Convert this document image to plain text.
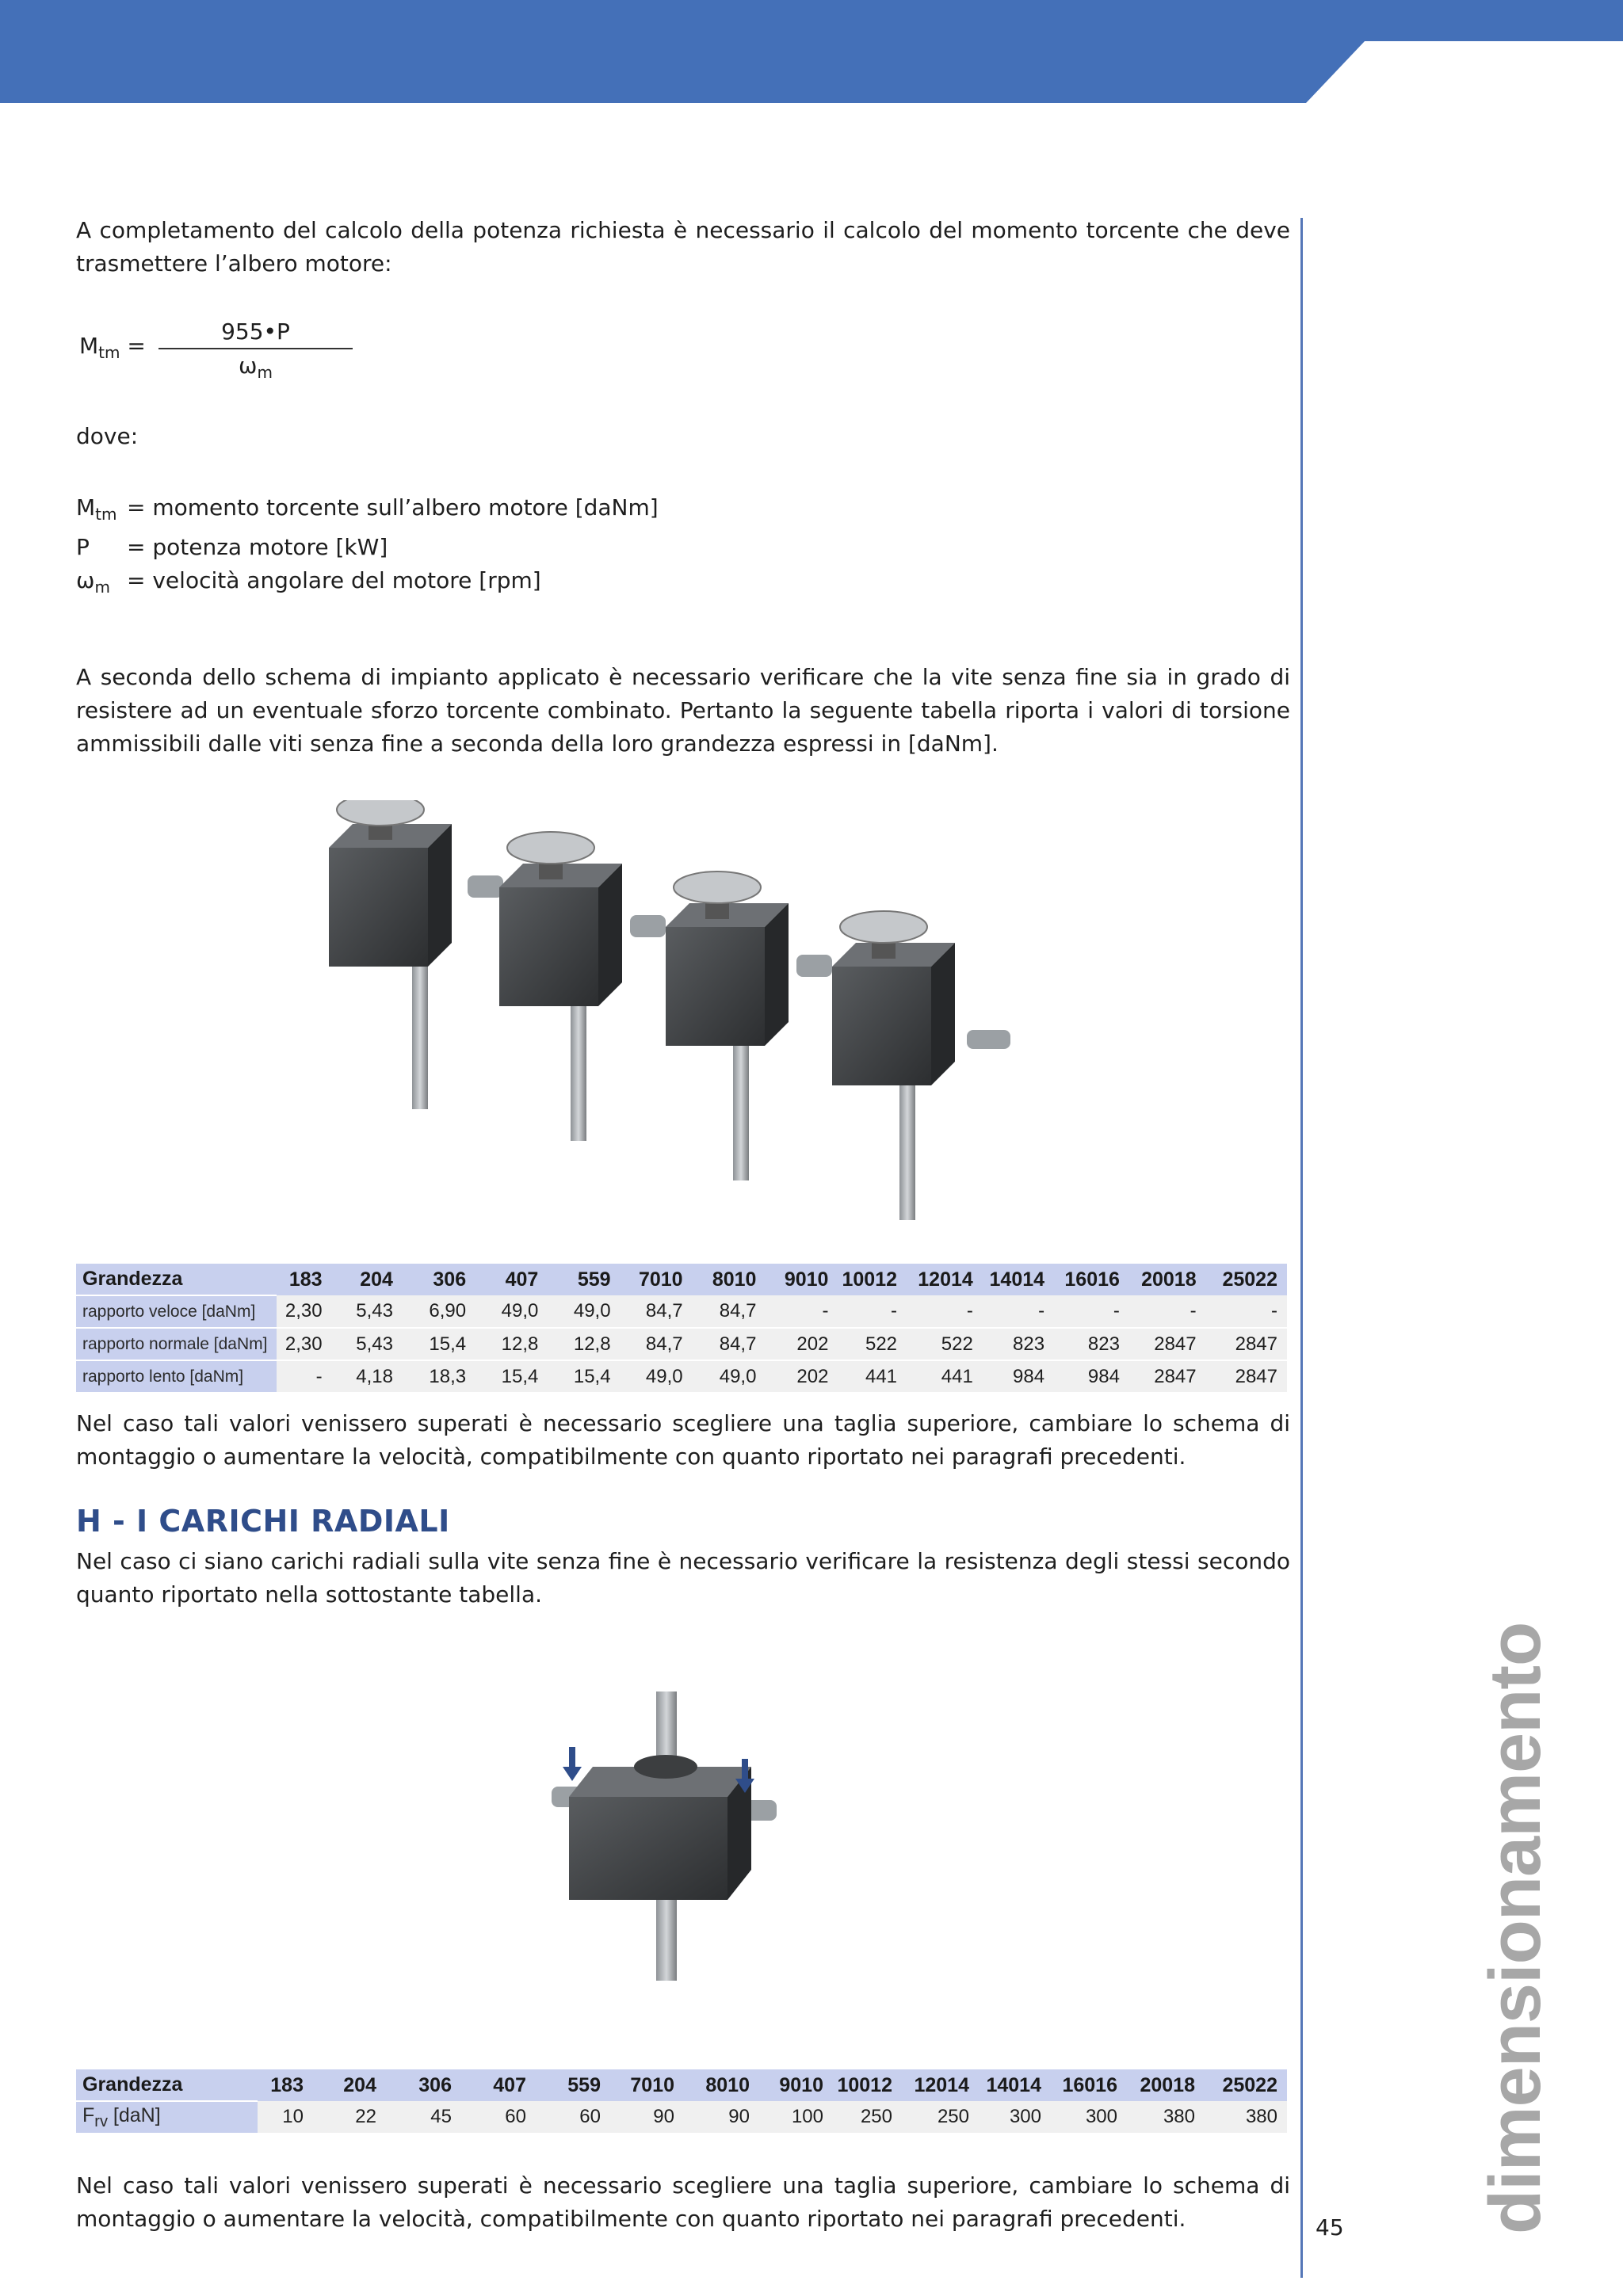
A completamento del calcolo della potenza richiesta è necessario il calcolo del momento torcente che deve trasmettere l’albero motore:

$M_{tm} = \frac{955•P}{\omega_m}$
dove:
$M_{tm}$ = momento torcente sull’albero motore [daNm]
P	= potenza motore [kW]
$\omega_m$ = velocità angolare del motore [rpm]

A seconda dello schema di impianto applicato è necessario verificare che la vite senza fine sia in grado di resistere ad un eventuale sforzo torcente combinato. Pertanto la seguente tabella riporta i valori di torsione ammissibili dalle viti senza fine a seconda della loro grandezza espressi in [daNm].

Grandezza	183	204	306	407	559	7010	8010	9010	10012	12014	14014	16016	20018	25022
rapporto veloce [daNm]	2,30	5,43	6,90	49,0	49,0	84,7	84,7	-	-	-	-	-	-	-
rapporto normale [daNm]	2,30	5,43	15,4	12,8	12,8	84,7	84,7	202	522	522	823	823	2847	2847
rapporto lento [daNm]	-	4,18	18,3	15,4	15,4	49,0	49,0	202	441	441	984	984	2847	2847

Nel caso tali valori venissero superati è necessario scegliere una taglia superiore, cambiare lo schema di montaggio o aumentare la velocità, compatibilmente con quanto riportato nei paragrafi precedenti.

H - I CARICHI RADIALI

Nel caso ci siano carichi radiali sulla vite senza fine è necessario verificare la resistenza degli stessi secondo quanto riportato nella sottostante tabella.

Grandezza	183	204	306	407	559	7010	8010	9010	10012	12014	14014	16016	20018	25022
$F_{rv}$ [daN]	10	22	45	60	60	90	90	100	250	250	300	300	380	380

Nel caso tali valori venissero superati è necessario scegliere una taglia superiore, cambiare lo schema di montaggio o aumentare la velocità, compatibilmente con quanto riportato nei paragrafi precedenti.	45 dimensionamento
